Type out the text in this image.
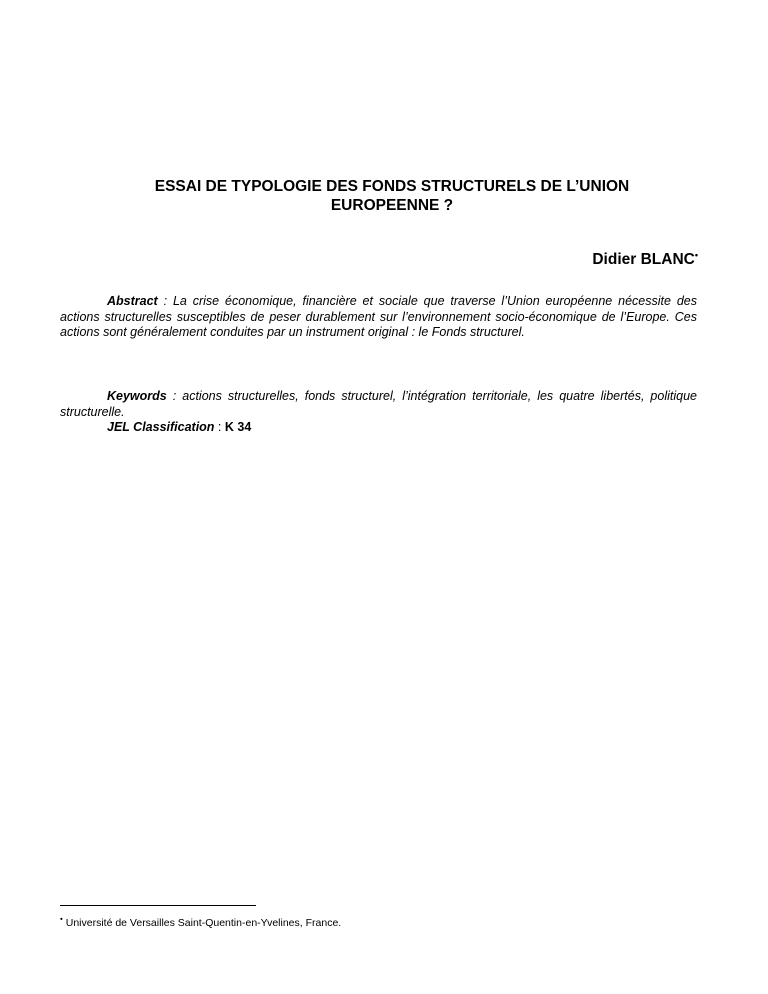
ESSAI DE TYPOLOGIE DES FONDS STRUCTURELS DE L’UNION
EUROPEENNE ?
Didier BLANC•
Abstract : La crise économique, financière et sociale que traverse l’Union européenne nécessite des actions structurelles susceptibles de peser durablement sur l’environnement socio-économique de l’Europe. Ces actions sont généralement conduites par un instrument original : le Fonds structurel.
Keywords : actions structurelles, fonds structurel, l’intégration territoriale, les quatre libertés, politique structurelle.
JEL Classification : K 34
• Université de Versailles Saint-Quentin-en-Yvelines, France.
